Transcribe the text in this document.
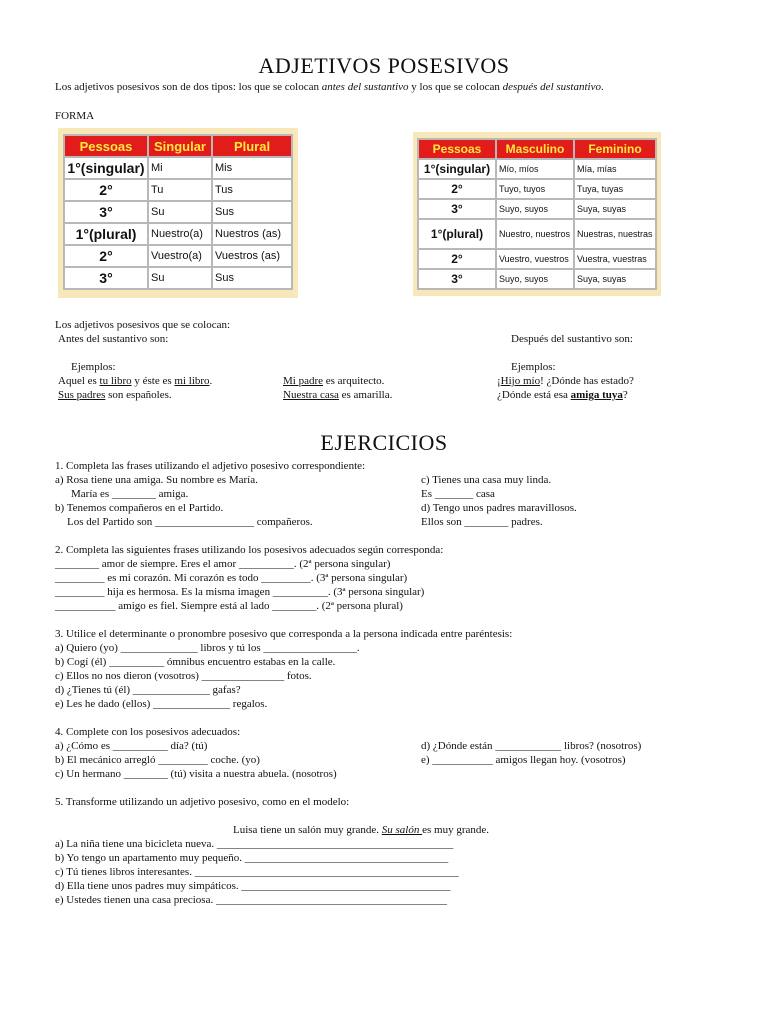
ADJETIVOS POSESIVOS
Los adjetivos posesivos son de dos tipos: los que se colocan antes del sustantivo y los que se colocan después del sustantivo.
FORMA
Pessoas	Singular	Plural
1°(singular)	Mi	Mis
2°	Tu	Tus
3°	Su	Sus
1°(plural)	Nuestro(a)	Nuestros (as)
2°	Vuestro(a)	Vuestros (as)
3°	Su	Sus
Pessoas	Masculino	Feminino
1°(singular)	Mío, míos	Mía, mías
2°	Tuyo, tuyos	Tuya, tuyas
3°	Suyo, suyos	Suya, suyas
1°(plural)	Nuestro, nuestros	Nuestras, nuestras
2°	Vuestro, vuestros	Vuestra, vuestras
3°	Suyo, suyos	Suya, suyas
Los adjetivos posesivos que se colocan:
Antes del sustantivo son:	Después del sustantivo son:
Ejemplos:	Ejemplos:
Aquel es tu libro y éste es mi libro.
Sus padres son españoles.
Mi padre es arquitecto.
Nuestra casa es amarilla.
¡Hijo mío! ¿Dónde has estado?
¿Dónde está esa amiga tuya?
EJERCICIOS
1. Completa las frases utilizando el adjetivo posesivo correspondiente:
a) Rosa tiene una amiga. Su nombre es María.
María es ________ amiga.
b) Tenemos compañeros en el Partido.
Los del Partido son __________________ compañeros.
c) Tienes una casa muy linda.
Es _______ casa
d) Tengo unos padres maravillosos.
Ellos son ________ padres.
2. Completa las siguientes frases utilizando los posesivos adecuados según corresponda:
________ amor de siempre. Eres el amor __________. (2ª persona singular)
_________ es mi corazón. Mi corazón es todo _________. (3ª persona singular)
_________ hija es hermosa. Es la misma imagen __________. (3ª persona singular)
___________ amigo es fiel. Siempre está al lado ________. (2ª persona plural)
3. Utilice el determinante o pronombre posesivo que corresponda a la persona indicada entre paréntesis:
a) Quiero (yo) ______________ libros y tú los _________________.
b) Cogí (él) __________ ómnibus encuentro estabas en la calle.
c) Ellos no nos dieron (vosotros) _______________ fotos.
d) ¿Tienes tú (él) ______________ gafas?
e) Les he dado (ellos) ______________ regalos.
4. Complete con los posesivos adecuados:
a) ¿Cómo es __________ día? (tú)
b) El mecánico arregló _________ coche. (yo)
c) Un hermano ________ (tú) visita a nuestra abuela. (nosotros)
d) ¿Dónde están ____________ libros? (nosotros)
e) ___________ amigos llegan hoy. (vosotros)
5. Transforme utilizando un adjetivo posesivo, como en el modelo:
Luisa tiene un salón muy grande. Su salón es muy grande.
a) La niña tiene una bicicleta nueva. ___________________________________________
b) Yo tengo un apartamento muy pequeño. _____________________________________
c) Tú tienes libros interesantes. ________________________________________________
d) Ella tiene unos padres muy simpáticos. ______________________________________
e) Ustedes tienen una casa preciosa. __________________________________________
